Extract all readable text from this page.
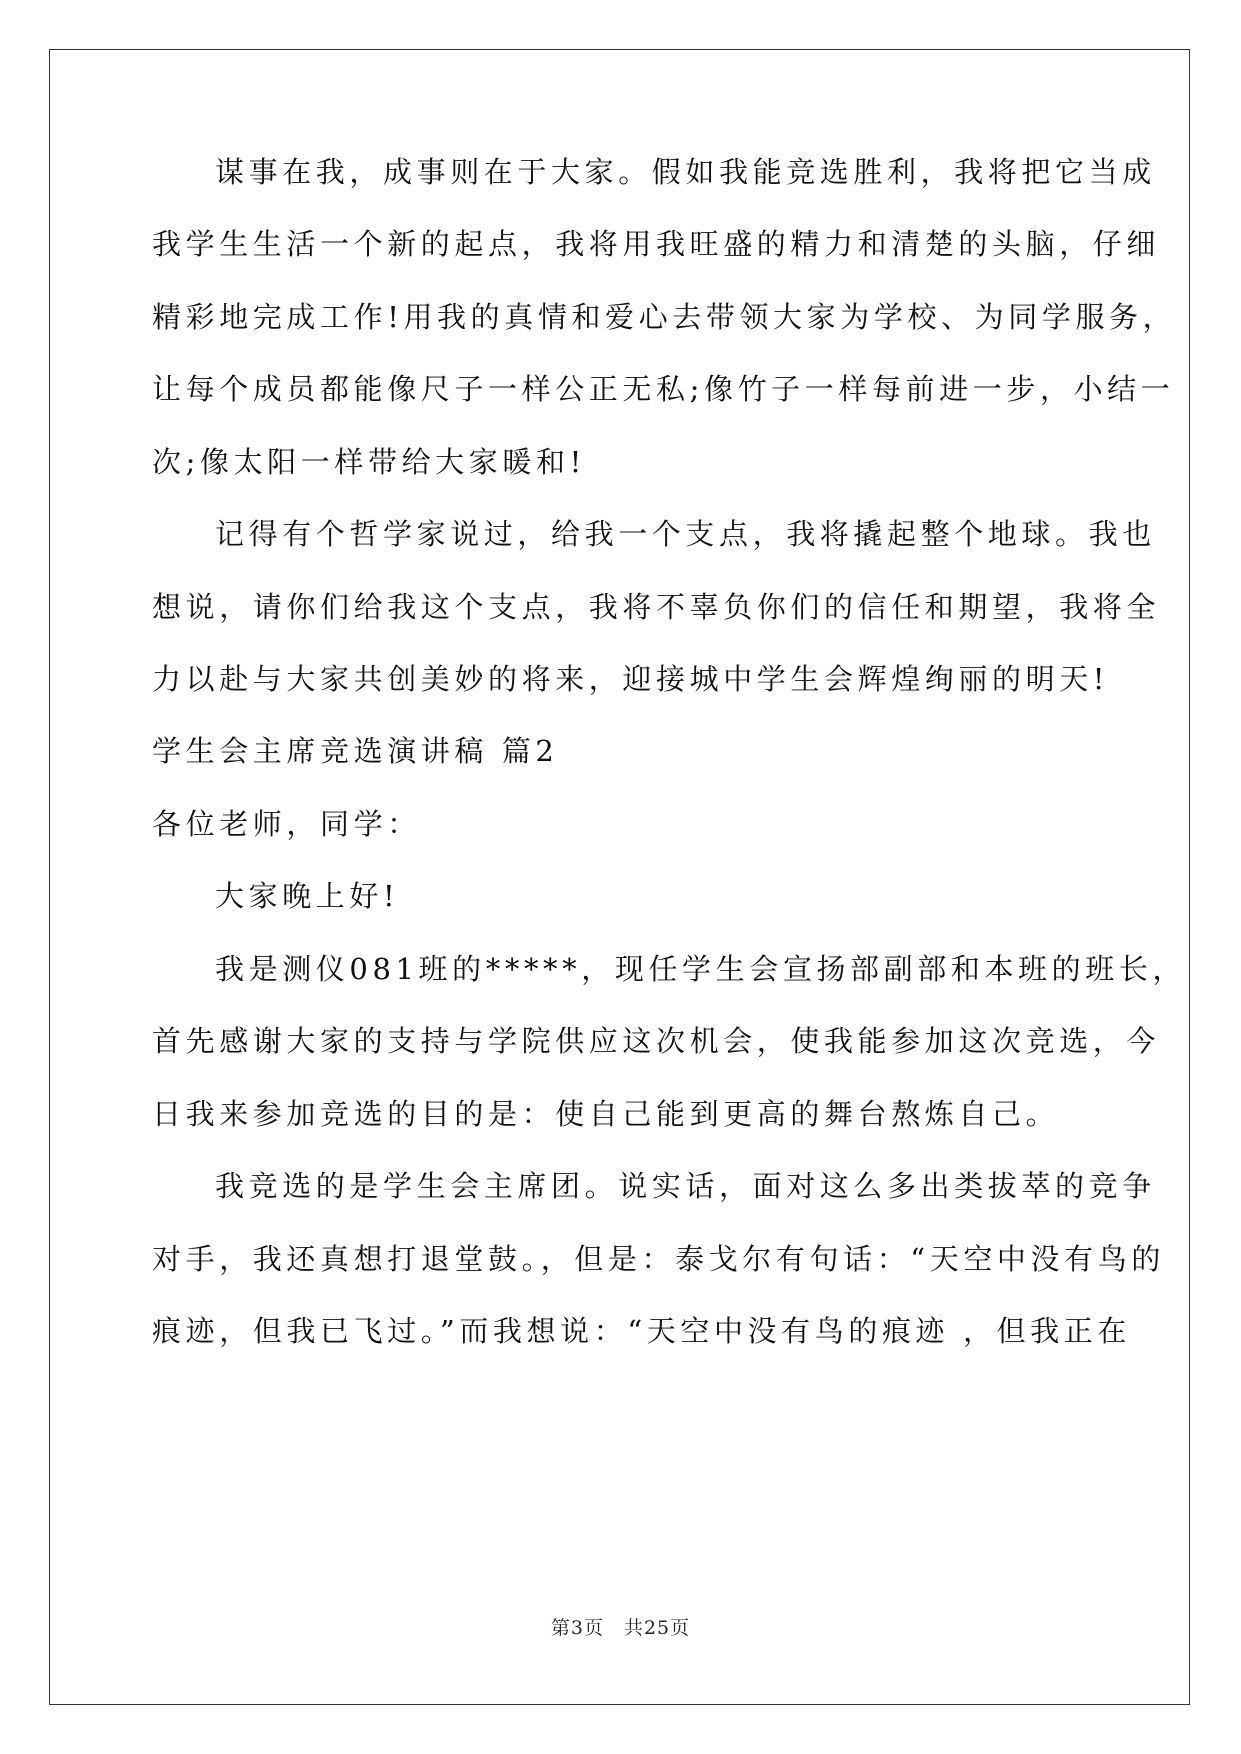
谋事在我，成事则在于大家。假如我能竞选胜利，我将把它当成
我学生生活一个新的起点，我将用我旺盛的精力和清楚的头脑，仔细
精彩地完成工作!用我的真情和爱心去带领大家为学校、为同学服务，
让每个成员都能像尺子一样公正无私;像竹子一样每前进一步，小结一
次;像太阳一样带给大家暖和!
记得有个哲学家说过，给我一个支点，我将撬起整个地球。我也
想说，请你们给我这个支点，我将不辜负你们的信任和期望，我将全
力以赴与大家共创美妙的将来，迎接城中学生会辉煌绚丽的明天!
学生会主席竞选演讲稿 篇2
各位老师，同学：
大家晚上好!
我是测仪081班的*****，现任学生会宣扬部副部和本班的班长，
首先感谢大家的支持与学院供应这次机会，使我能参加这次竞选，今
日我来参加竞选的目的是：使自己能到更高的舞台熬炼自己。
我竞选的是学生会主席团。说实话，面对这么多出类拔萃的竞争
对手，我还真想打退堂鼓。，但是：泰戈尔有句话：“天空中没有鸟的
痕迹，但我已飞过。”而我想说：“天空中没有鸟的痕迹 ，但我正在
第3页　共25页
